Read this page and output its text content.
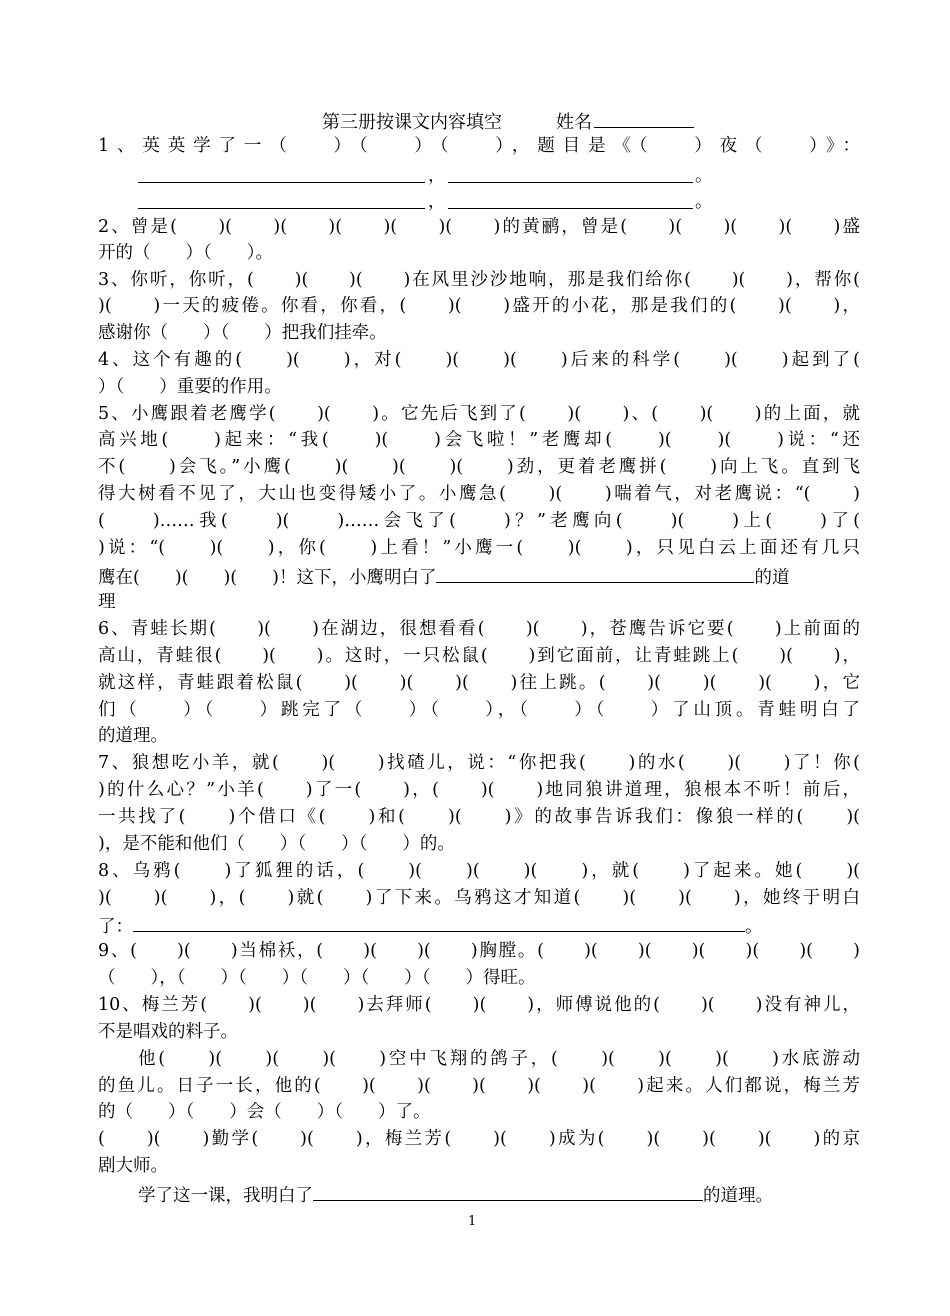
第三册按课文内容填空	姓名
1、英英学了一（　 ）（　 ）（　 ），题目是《（　 ）夜（　 ）》：
，	。
，	。
2、曾是(　　)(　　)(　　)(　　)(　　)(　　)的黄鹂，曾是(　　)(　　)(　　)(　　)盛
开的（　　）（　　）。
3、你听，你听，(　　)(　　)(　　)在风里沙沙地响，那是我们给你(　　)(　　)，帮你(
)(　　)一天的疲倦。你看，你看，(　　)(　　)盛开的小花，那是我们的(　　)(　　)，
感谢你（　　）（　　）把我们挂牵。
4、这个有趣的(　　)(　　)，对(　　)(　　)(　　)后来的科学(　　)(　　)起到了(
）（　　）重要的作用。
5、小鹰跟着老鹰学(　　)(　　)。它先后飞到了(　　)(　　)、(　　)(　　)的上面，就
高兴地(　　)起来：“我(　　)(　　)会飞啦！”老鹰却(　　)(　　)(　　)说：“还
不(　　)会飞。”小鹰(　　)(　　)(　　)(　　)劲，更着老鹰拼(　　)向上飞。直到飞
得大树看不见了，大山也变得矮小了。小鹰急(　　)(　　)喘着气，对老鹰说：“(　　)
(　　)……我(　　)(　　)……会飞了(　　)？”老鹰向(　　)(　　)上(　　)了(
)说：“(　　)(　　)，你(　　)上看！”小鹰一(　　)(　　)，只见白云上面还有几只
鹰在(　　)(　　)(　　)！这下，小鹰明白了	的道
理
6、青蛙长期(　　)(　　)在湖边，很想看看(　　)(　　)，苍鹰告诉它要(　　)上前面的
高山，青蛙很(　　)(　　)。这时，一只松鼠(　　)到它面前，让青蛙跳上(　　)(　　)，
就这样，青蛙跟着松鼠(　　)(　　)(　　)(　　)往上跳。(　　)(　　)(　　)(　　)，它
们（　　）（　　）跳完了（　　）（　　），（　　）（　　）了山顶。青蛙明白了
的道理。
7、狼想吃小羊，就(　　)(　　)找碴儿，说：“你把我(　　)的水(　　)(　　)了！你(
)的什么心？”小羊(　　)了一(　　)，(　　)(　　)地同狼讲道理，狼根本不听！前后，
一共找了(　　)个借口《(　　)和(　　)(　　)》的故事告诉我们：像狼一样的(　　)(
)，是不能和他们（　　）（　　）（　　）的。
8、乌鸦(　　)了狐狸的话，(　　)(　　)(　　)(　　)，就(　　)了起来。她(　　)(
)(　　)(　　)，(　　)就(　　)了下来。乌鸦这才知道(　　)(　　)(　　)，她终于明白
了：	。
9、(　　)(　　)当棉袄，(　　)(　　)(　　)胸膛。(　　)(　　)(　　)(　　)(　　)(　　)
（　　），（　　）（　　）（　　）（　　）（　　）得旺。
10、梅兰芳(　　)(　　)(　　)去拜师(　　)(　　)，师傅说他的(　　)(　　)没有神儿，
不是唱戏的料子。
他(　　)(　　)(　　)(　　)空中飞翔的鸽子，(　　)(　　)(　　)(　　)水底游动
的鱼儿。日子一长，他的(　　)(　　)(　　)(　　)(　　)(　　)起来。人们都说，梅兰芳
的（　　）（　　）会（　　）（　　）了。
(　　)(　　)勤学(　　)(　　)，梅兰芳(　　)(　　)成为(　　)(　　)(　　)(　　)的京
剧大师。
学了这一课，我明白了	的道理。
1
